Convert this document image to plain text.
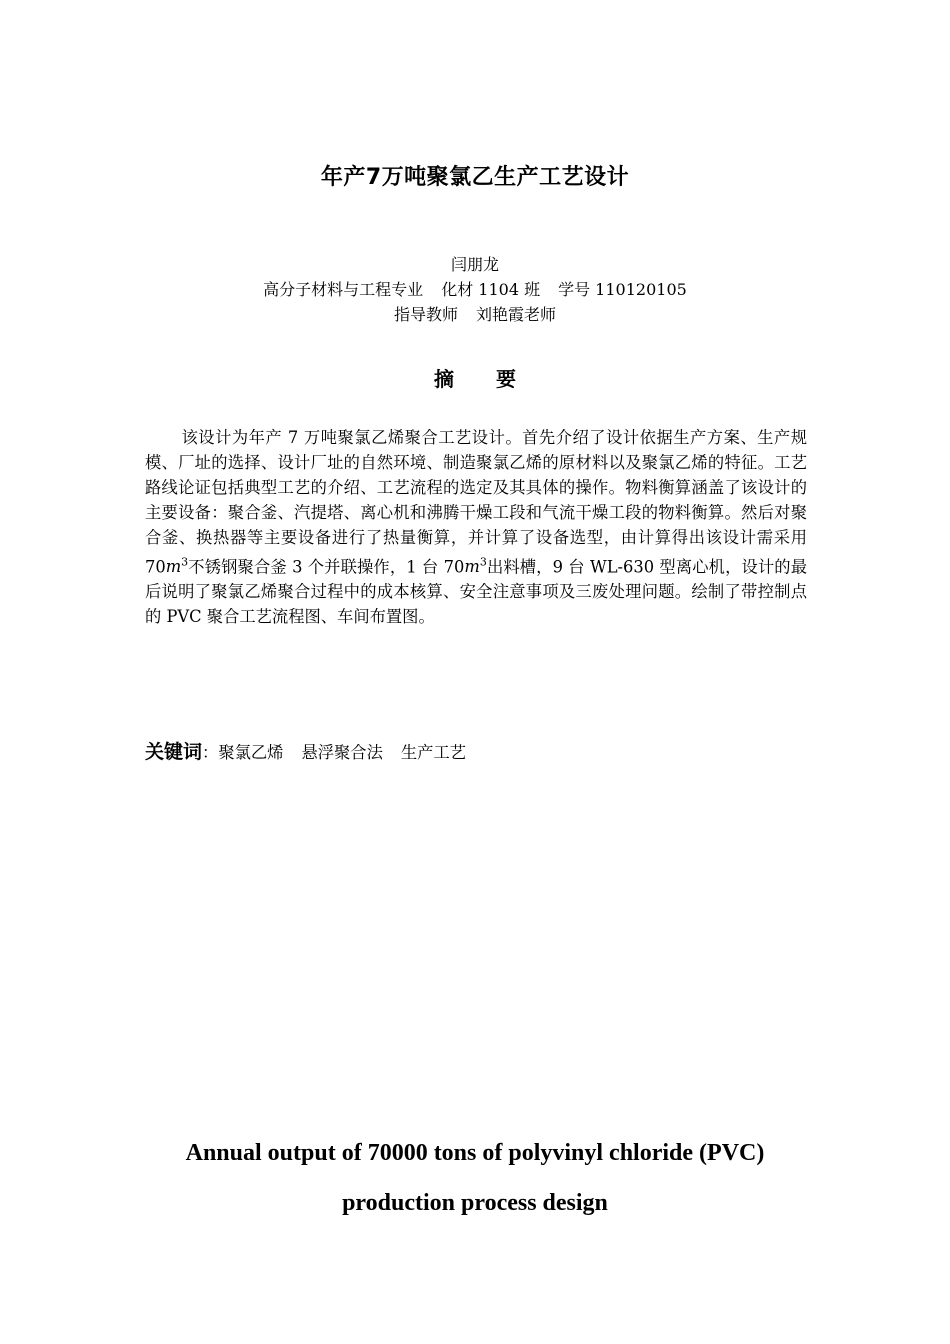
年产7万吨聚氯乙生产工艺设计
闫朋龙
高分子材料与工程专业 化材 1104 班 学号 110120105
指导教师 刘艳霞老师
摘 要

该设计为年产 7 万吨聚氯乙烯聚合工艺设计。首先介绍了设计依据生产方案、生产规模、厂址的选择、设计厂址的自然环境、制造聚氯乙烯的原材料以及聚氯乙烯的特征。工艺路线论证包括典型工艺的介绍、工艺流程的选定及其具体的操作。物料衡算涵盖了该设计的主要设备：聚合釜、汽提塔、离心机和沸腾干燥工段和气流干燥工段的物料衡算。然后对聚合釜、换热器等主要设备进行了热量衡算，并计算了设备选型，由计算得出该设计需采用 $70m^3$不锈钢聚合釜 3 个并联操作，1 台 $70m^3$出料槽，9 台 WL-630 型离心机，设计的最后说明了聚氯乙烯聚合过程中的成本核算、安全注意事项及三废处理问题。绘制了带控制点的 PVC 聚合工艺流程图、车间布置图。

关键词：聚氯乙烯 悬浮聚合法 生产工艺
Annual output of 70000 tons of polyvinyl chloride (PVC)
production process design
